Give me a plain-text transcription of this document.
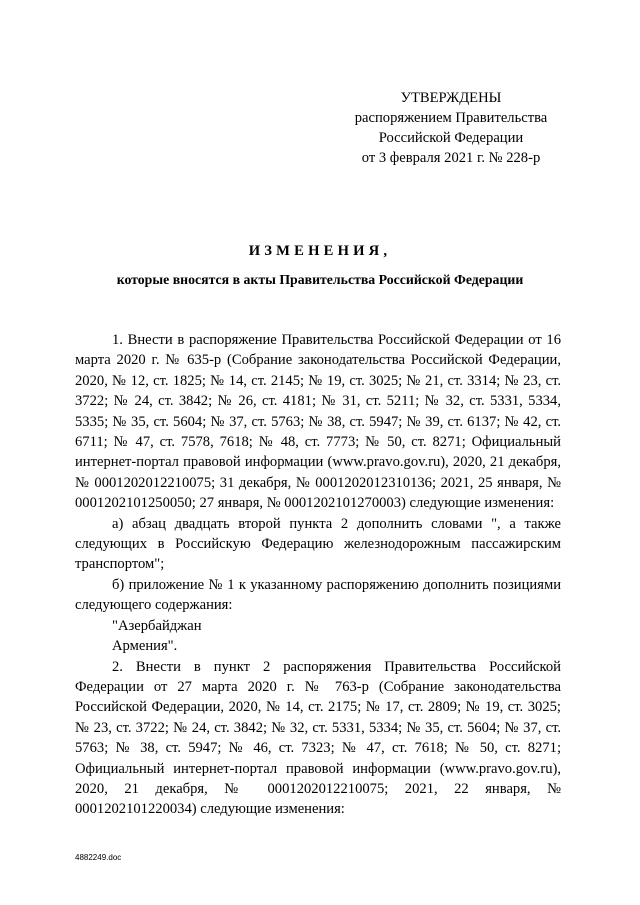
УТВЕРЖДЕНЫ
распоряжением Правительства
Российской Федерации
от 3 февраля 2021 г. № 228-р
ИЗМЕНЕНИЯ,
которые вносятся в акты Правительства Российской Федерации

1. Внести в распоряжение Правительства Российской Федерации от 16 марта 2020 г. № 635-р (Собрание законодательства Российской Федерации, 2020, № 12, ст. 1825; № 14, ст. 2145; № 19, ст. 3025; № 21, ст. 3314; № 23, ст. 3722; № 24, ст. 3842; № 26, ст. 4181; № 31, ст. 5211; № 32, ст. 5331, 5334, 5335; № 35, ст. 5604; № 37, ст. 5763; № 38, ст. 5947; № 39, ст. 6137; № 42, ст. 6711; № 47, ст. 7578, 7618; № 48, ст. 7773; № 50, ст. 8271; Официальный интернет-портал правовой информации (www.pravo.gov.ru), 2020, 21 декабря, № 0001202012210075; 31 декабря, № 0001202012310136; 2021, 25 января, № 0001202101250050; 27 января, № 0001202101270003) следующие изменения:

а) абзац двадцать второй пункта 2 дополнить словами ", а также следующих в Российскую Федерацию железнодорожным пассажирским транспортом";

б) приложение № 1 к указанному распоряжению дополнить позициями следующего содержания:

"Азербайджан

Армения".

2. Внести в пункт 2 распоряжения Правительства Российской Федерации от 27 марта 2020 г. № 763-р (Собрание законодательства Российской Федерации, 2020, № 14, ст. 2175; № 17, ст. 2809; № 19, ст. 3025; № 23, ст. 3722; № 24, ст. 3842; № 32, ст. 5331, 5334; № 35, ст. 5604; № 37, ст. 5763; № 38, ст. 5947; № 46, ст. 7323; № 47, ст. 7618; № 50, ст. 8271; Официальный интернет-портал правовой информации (www.pravo.gov.ru), 2020, 21 декабря, № 0001202012210075; 2021, 22 января, № 0001202101220034) следующие изменения:

4882249.doc
